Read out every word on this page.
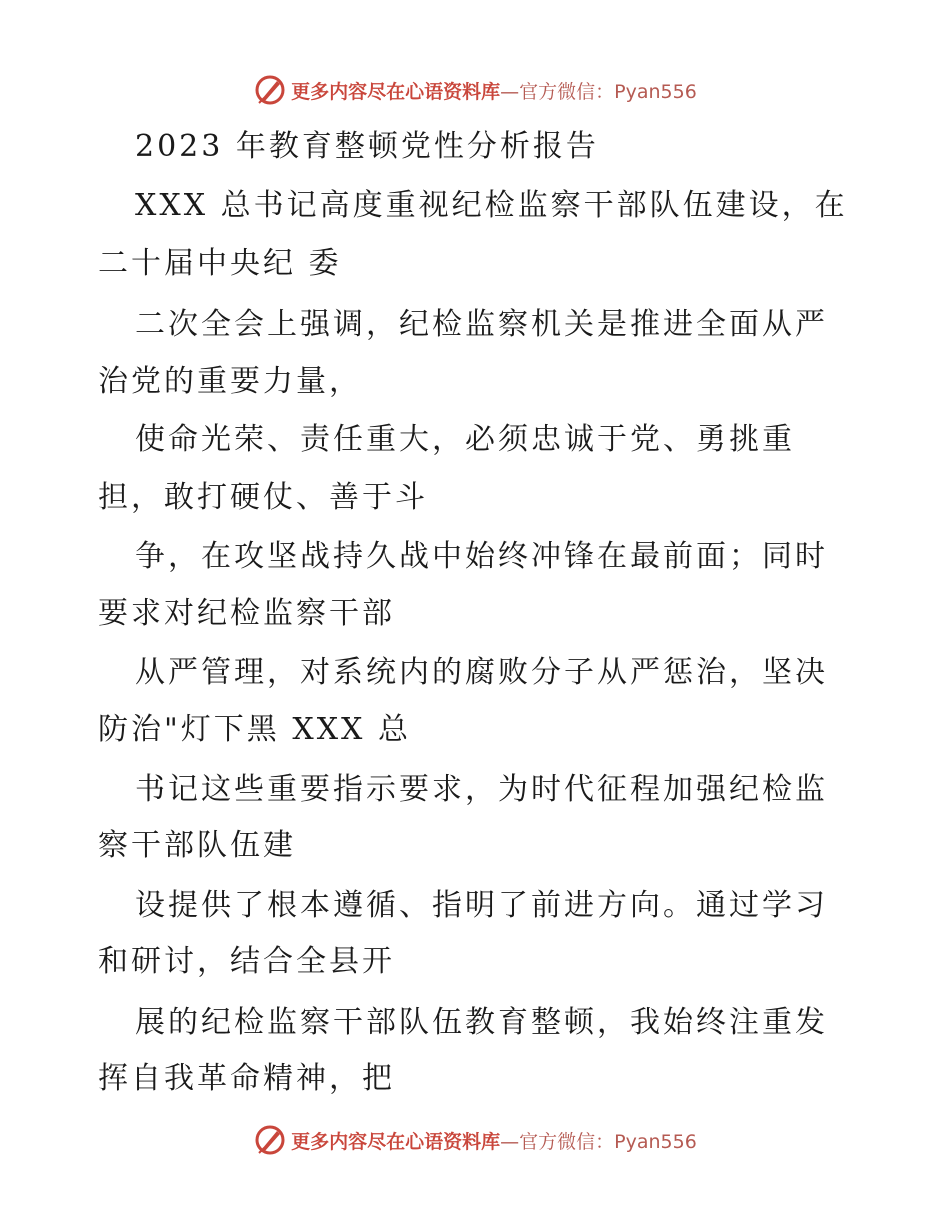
更多内容尽在心语资料库 —官方微信：Pyan556
2023 年教育整顿党性分析报告
XXX 总书记高度重视纪检监察干部队伍建设，在
二十届中央纪 委
二次全会上强调，纪检监察机关是推进全面从严
治党的重要力量，
使命光荣、责任重大，必须忠诚于党、勇挑重
担，敢打硬仗、善于斗
争，在攻坚战持久战中始终冲锋在最前面；同时
要求对纪检监察干部
从严管理，对系统内的腐败分子从严惩治，坚决
防治"灯下黑 XXX 总
书记这些重要指示要求，为时代征程加强纪检监
察干部队伍建
设提供了根本遵循、指明了前进方向。通过学习
和研讨，结合全县开
展的纪检监察干部队伍教育整顿，我始终注重发
挥自我革命精神，把
更多内容尽在心语资料库 —官方微信：Pyan556
